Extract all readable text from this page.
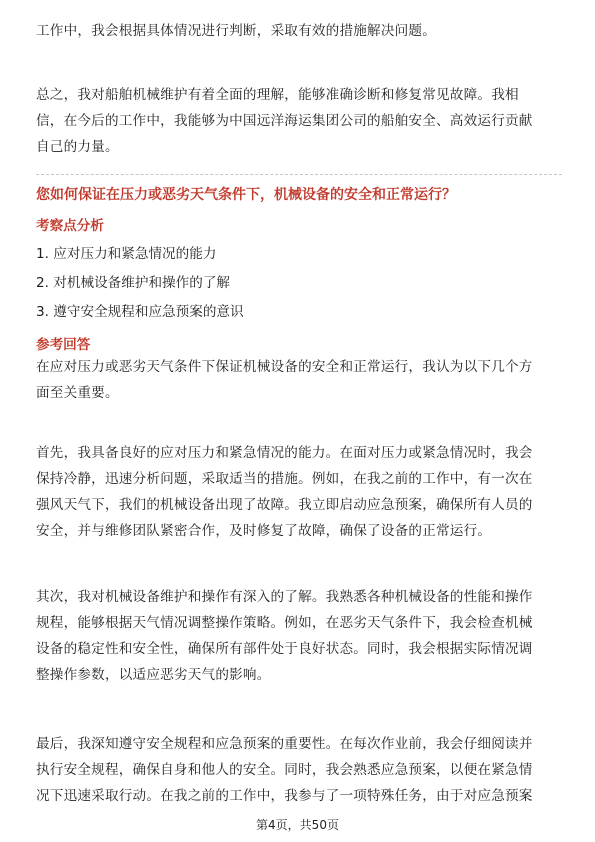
工作中，我会根据具体情况进行判断，采取有效的措施解决问题。

总之，我对船舶机械维护有着全面的理解，能够准确诊断和修复常见故障。我相
信，在今后的工作中，我能够为中国远洋海运集团公司的船舶安全、高效运行贡献
自己的力量。

您如何保证在压力或恶劣天气条件下，机械设备的安全和正常运行？
考察点分析
1. 应对压力和紧急情况的能力
2. 对机械设备维护和操作的了解
3. 遵守安全规程和应急预案的意识
参考回答

在应对压力或恶劣天气条件下保证机械设备的安全和正常运行，我认为以下几个方
面至关重要。

首先，我具备良好的应对压力和紧急情况的能力。在面对压力或紧急情况时，我会
保持冷静，迅速分析问题，采取适当的措施。例如，在我之前的工作中，有一次在
强风天气下，我们的机械设备出现了故障。我立即启动应急预案，确保所有人员的
安全，并与维修团队紧密合作，及时修复了故障，确保了设备的正常运行。

其次，我对机械设备维护和操作有深入的了解。我熟悉各种机械设备的性能和操作
规程，能够根据天气情况调整操作策略。例如，在恶劣天气条件下，我会检查机械
设备的稳定性和安全性，确保所有部件处于良好状态。同时，我会根据实际情况调
整操作参数，以适应恶劣天气的影响。

最后，我深知遵守安全规程和应急预案的重要性。在每次作业前，我会仔细阅读并
执行安全规程，确保自身和他人的安全。同时，我会熟悉应急预案，以便在紧急情
况下迅速采取行动。在我之前的工作中，我参与了一项特殊任务，由于对应急预案

第4页，共50页
